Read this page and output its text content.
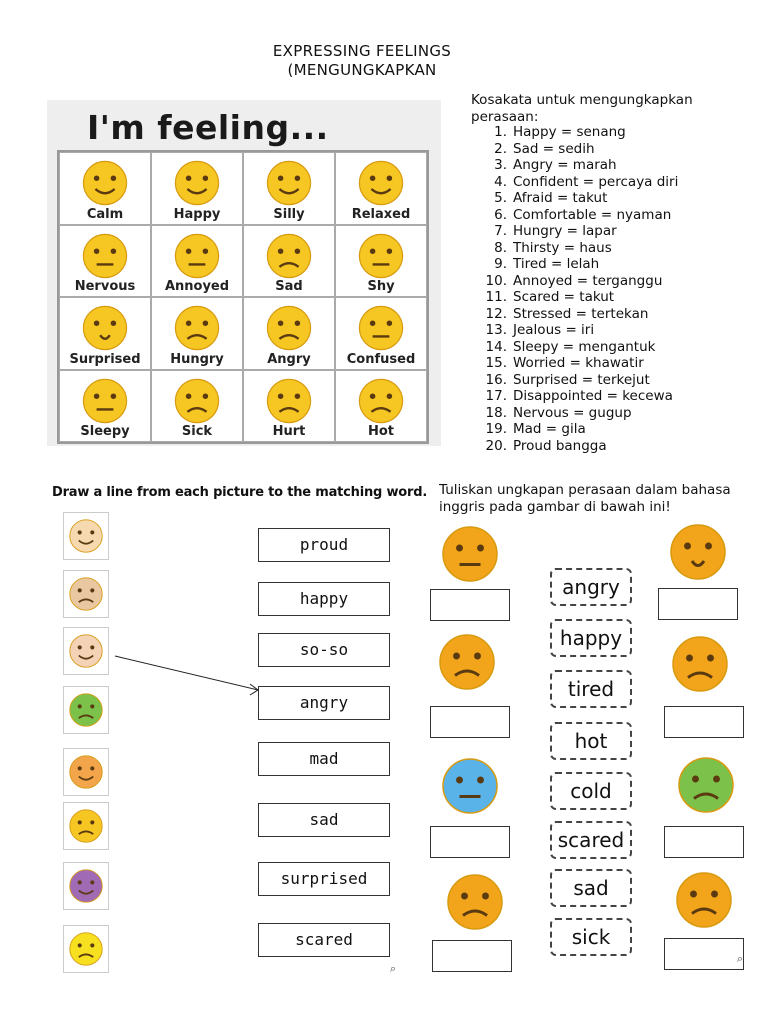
EXPRESSING FEELINGS
(MENGUNGKAPKAN
I'm feeling...
Calm	Happy	Silly	Relaxed
Nervous	Annoyed	Sad	Shy
Surprised	Hungry	Angry	Confused
Sleepy	Sick	Hurt	Hot
Kosakata untuk mengungkapkan perasaan:
1. Happy = senang
2. Sad = sedih
3. Angry = marah
4. Confident = percaya diri
5. Afraid = takut
6. Comfortable = nyaman
7. Hungry = lapar
8. Thirsty = haus
9. Tired = lelah
10. Annoyed = terganggu
11. Scared = takut
12. Stressed = tertekan
13. Jealous = iri
14. Sleepy = mengantuk
15. Worried = khawatir
16. Surprised = terkejut
17. Disappointed = kecewa
18. Nervous = gugup
19. Mad = gila
20. Proud bangga
Draw a line from each picture to the matching word.
proud
happy
so-so
angry
mad
sad
surprised
scared
⌕
Tuliskan ungkapan perasaan dalam bahasa inggris pada gambar di bawah ini!
angry
happy
tired
hot
cold
scared
sad
sick
⌕
